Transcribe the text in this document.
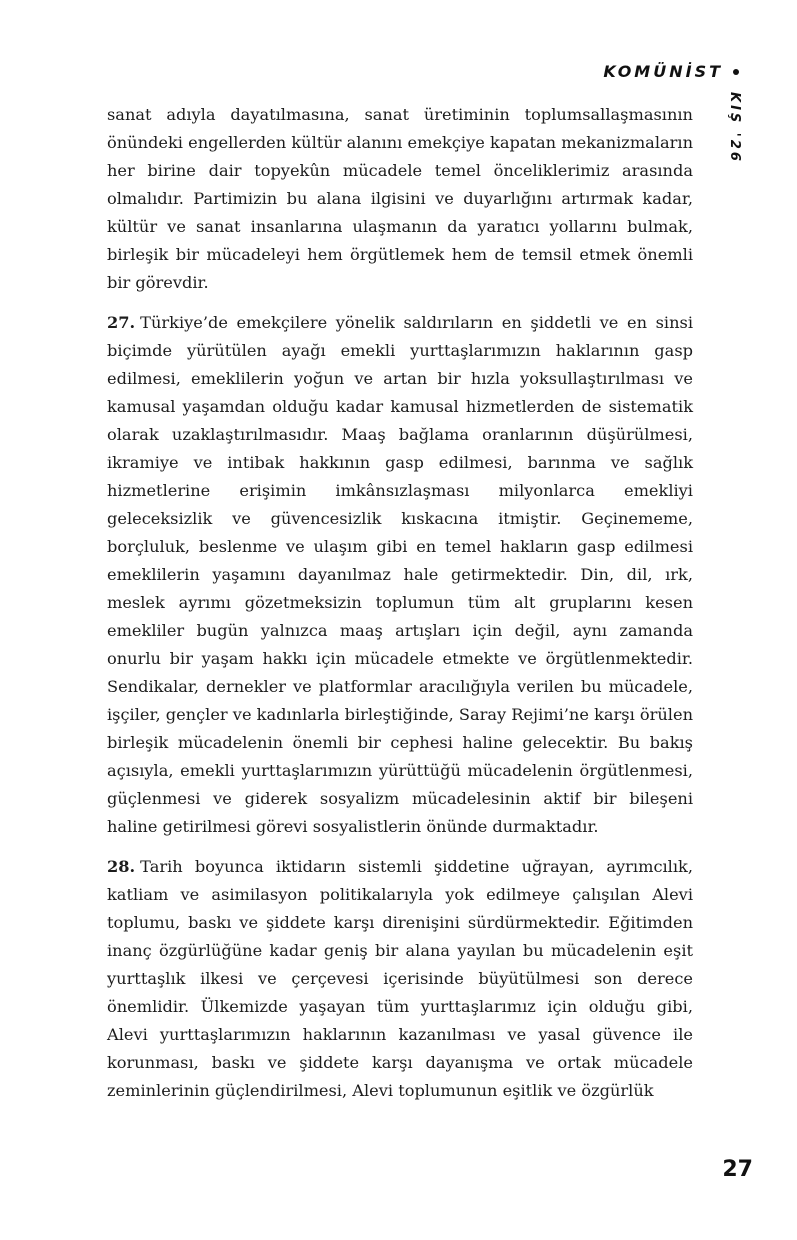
KOMÜNİST
KIŞ '26

sanat adıyla dayatılmasına, sanat üretiminin toplumsallaşmasının önündeki engellerden kültür alanını emekçiye kapatan mekanizmaların her birine dair topyekûn mücadele temel önceliklerimiz arasında olmalıdır. Partimizin bu alana ilgisini ve duyarlığını artırmak kadar, kültür ve sanat insanlarına ulaşmanın da yaratıcı yollarını bulmak, birleşik bir mücadeleyi hem örgütlemek hem de temsil etmek önemli bir görevdir.

27. Türkiye’de emekçilere yönelik saldırıların en şiddetli ve en sinsi biçimde yürütülen ayağı emekli yurttaşlarımızın haklarının gasp edilmesi, emeklilerin yoğun ve artan bir hızla yoksullaştırılması ve kamusal yaşamdan olduğu kadar kamusal hizmetlerden de sistematik olarak uzaklaştırılmasıdır. Maaş bağlama oranlarının düşürülmesi, ikramiye ve intibak hakkının gasp edilmesi, barınma ve sağlık hizmetlerine erişimin imkânsızlaşması milyonlarca emekliyi geleceksizlik ve güvencesizlik kıskacına itmiştir. Geçinememe, borçluluk, beslenme ve ulaşım gibi en temel hakların gasp edilmesi emeklilerin yaşamını dayanılmaz hale getirmektedir. Din, dil, ırk, meslek ayrımı gözetmeksizin toplumun tüm alt gruplarını kesen emekliler bugün yalnızca maaş artışları için değil, aynı zamanda onurlu bir yaşam hakkı için mücadele etmekte ve örgütlenmektedir. Sendikalar, dernekler ve platformlar aracılığıyla verilen bu mücadele, işçiler, gençler ve kadınlarla birleştiğinde, Saray Rejimi’ne karşı örülen birleşik mücadelenin önemli bir cephesi haline gelecektir. Bu bakış açısıyla, emekli yurttaşlarımızın yürüttüğü mücadelenin örgütlenmesi, güçlenmesi ve giderek sosyalizm mücadelesinin aktif bir bileşeni haline getirilmesi görevi sosyalistlerin önünde durmaktadır.

28. Tarih boyunca iktidarın sistemli şiddetine uğrayan, ayrımcılık, katliam ve asimilasyon politikalarıyla yok edilmeye çalışılan Alevi toplumu, baskı ve şiddete karşı direnişini sürdürmektedir. Eğitimden inanç özgürlüğüne kadar geniş bir alana yayılan bu mücadelenin eşit yurttaşlık ilkesi ve çerçevesi içerisinde büyütülmesi son derece önemlidir. Ülkemizde yaşayan tüm yurttaşlarımız için olduğu gibi, Alevi yurttaşlarımızın haklarının kazanılması ve yasal güvence ile korunması, baskı ve şiddete karşı dayanışma ve ortak mücadele zeminlerinin güçlendirilmesi, Alevi toplumunun eşitlik ve özgürlük

27
